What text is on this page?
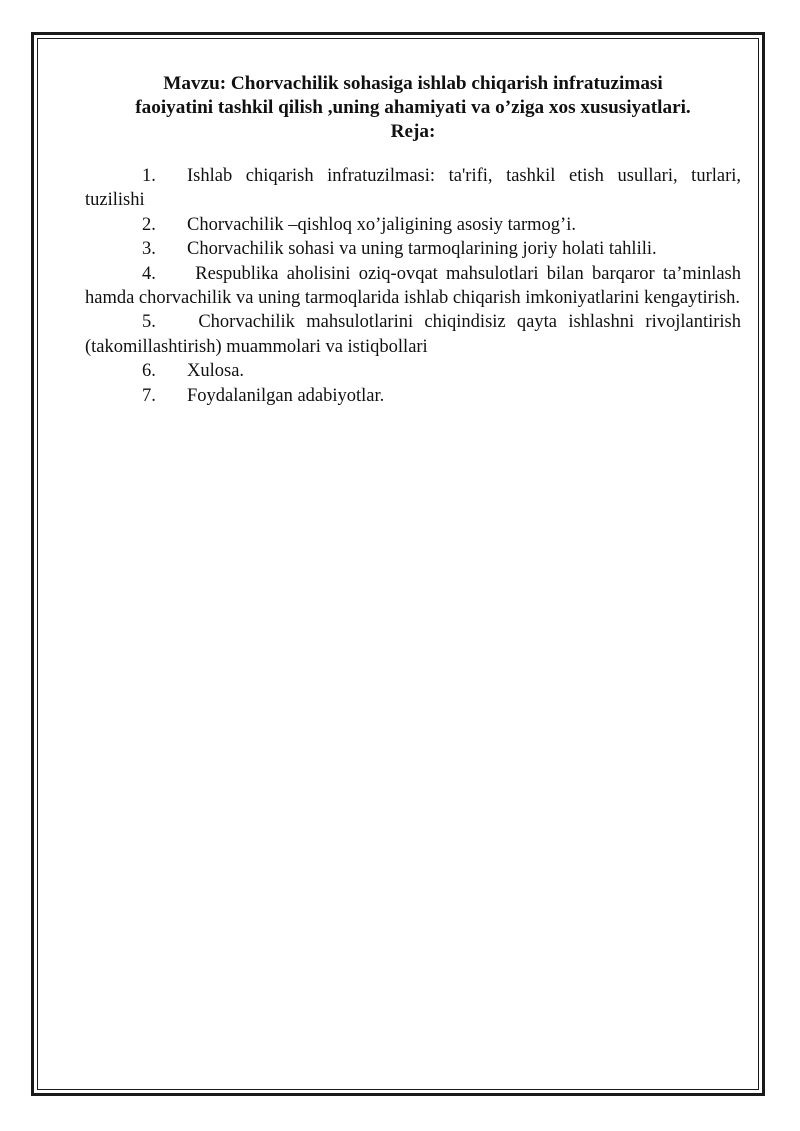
Mavzu: Chorvachilik sohasiga ishlab chiqarish infratuzimasi
faoiyatini tashkil qilish ,uning ahamiyati va o’ziga xos xususiyatlari.

Reja:

1. Ishlab chiqarish infratuzilmasi: ta'rifi, tashkil etish usullari, turlari, tuzilishi
2. Chorvachilik –qishloq xo’jaligining asosiy tarmog’i.
3. Chorvachilik sohasi va uning tarmoqlarining joriy holati tahlili.
4. Respublika aholisini oziq-ovqat mahsulotlari bilan barqaror ta’minlash hamda chorvachilik va uning tarmoqlarida ishlab chiqarish imkoniyatlarini kengaytirish.
5. Chorvachilik mahsulotlarini chiqindisiz qayta ishlashni rivojlantirish (takomillashtirish) muammolari va istiqbollari
6. Xulosa.
7. Foydalanilgan adabiyotlar.
